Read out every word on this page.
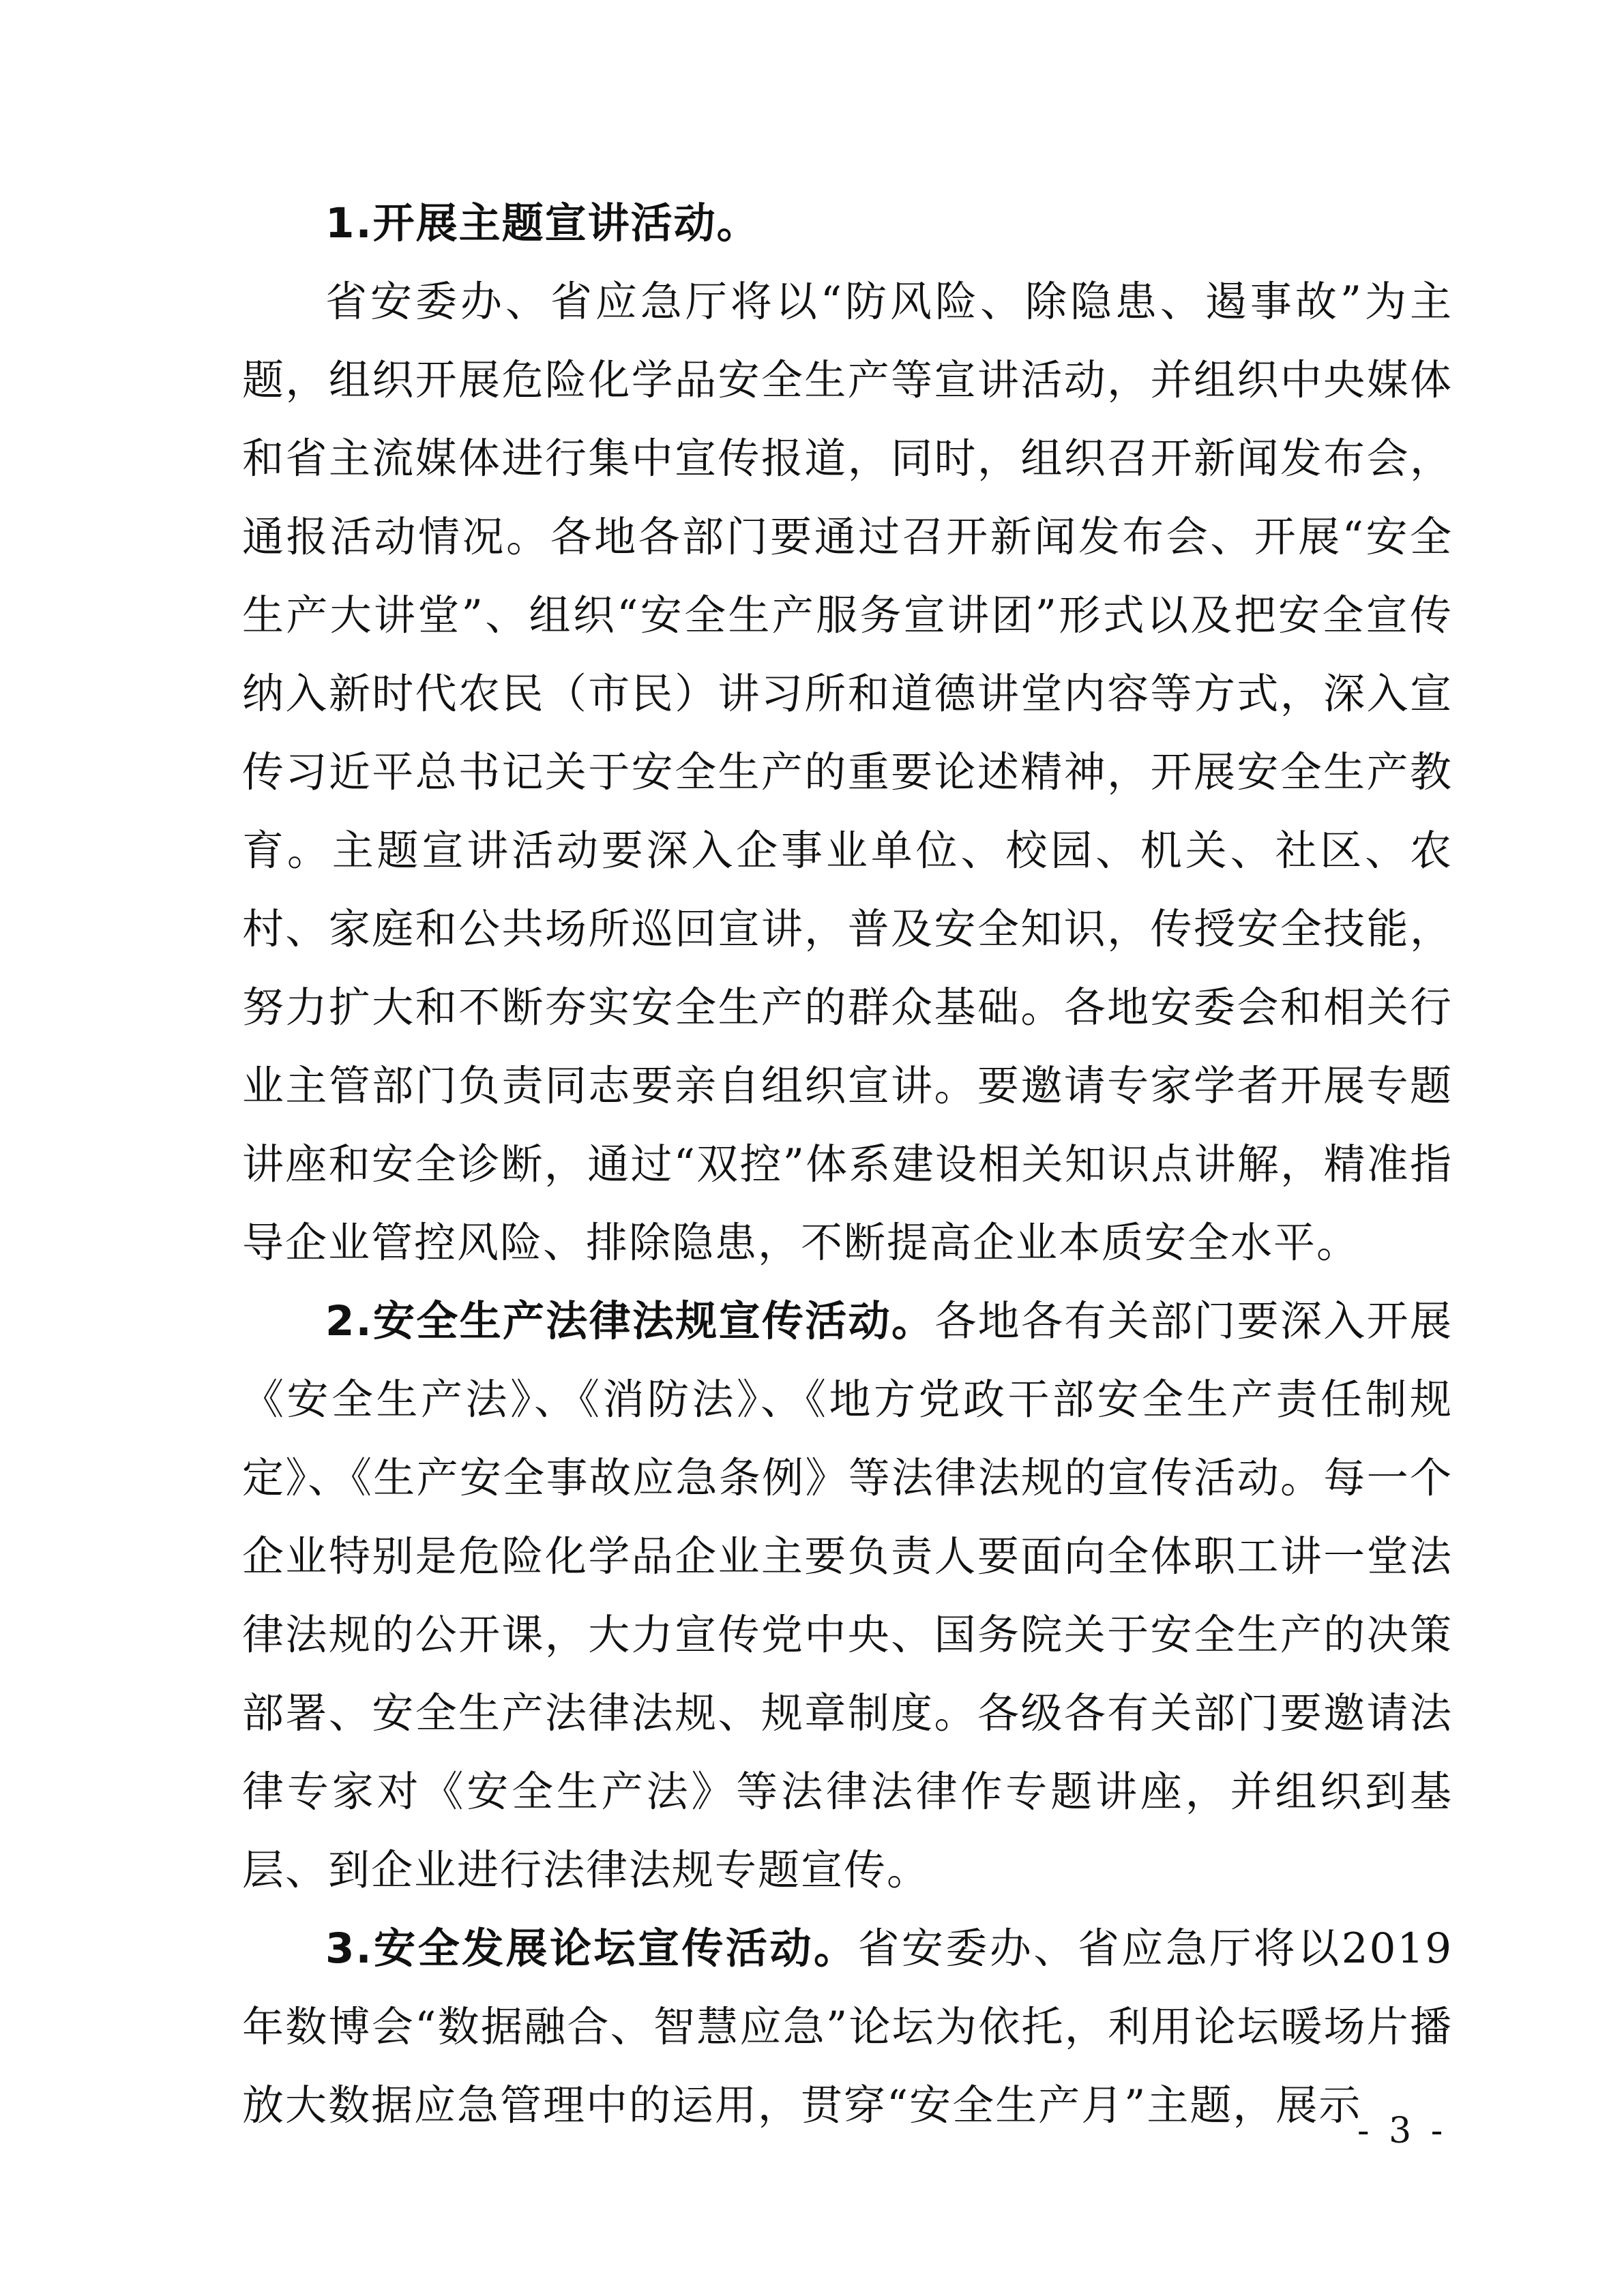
1.开展主题宣讲活动。

省安委办、省应急厅将以“防风险、除隐患、遏事故”为主题，组织开展危险化学品安全生产等宣讲活动，并组织中央媒体和省主流媒体进行集中宣传报道，同时，组织召开新闻发布会，通报活动情况。各地各部门要通过召开新闻发布会、开展“安全生产大讲堂”、组织“安全生产服务宣讲团”形式以及把安全宣传纳入新时代农民（市民）讲习所和道德讲堂内容等方式，深入宣传习近平总书记关于安全生产的重要论述精神，开展安全生产教育。主题宣讲活动要深入企事业单位、校园、机关、社区、农村、家庭和公共场所巡回宣讲，普及安全知识，传授安全技能，努力扩大和不断夯实安全生产的群众基础。各地安委会和相关行业主管部门负责同志要亲自组织宣讲。要邀请专家学者开展专题讲座和安全诊断，通过“双控”体系建设相关知识点讲解，精准指导企业管控风险、排除隐患，不断提高企业本质安全水平。

2.安全生产法律法规宣传活动。各地各有关部门要深入开展《安全生产法》、《消防法》、《地方党政干部安全生产责任制规定》、《生产安全事故应急条例》等法律法规的宣传活动。每一个企业特别是危险化学品企业主要负责人要面向全体职工讲一堂法律法规的公开课，大力宣传党中央、国务院关于安全生产的决策部署、安全生产法律法规、规章制度。各级各有关部门要邀请法律专家对《安全生产法》等法律法律作专题讲座，并组织到基层、到企业进行法律法规专题宣传。

3.安全发展论坛宣传活动。省安委办、省应急厅将以2019年数博会“数据融合、智慧应急”论坛为依托，利用论坛暖场片播放大数据应急管理中的运用，贯穿“安全生产月”主题，展示

- 3 -
